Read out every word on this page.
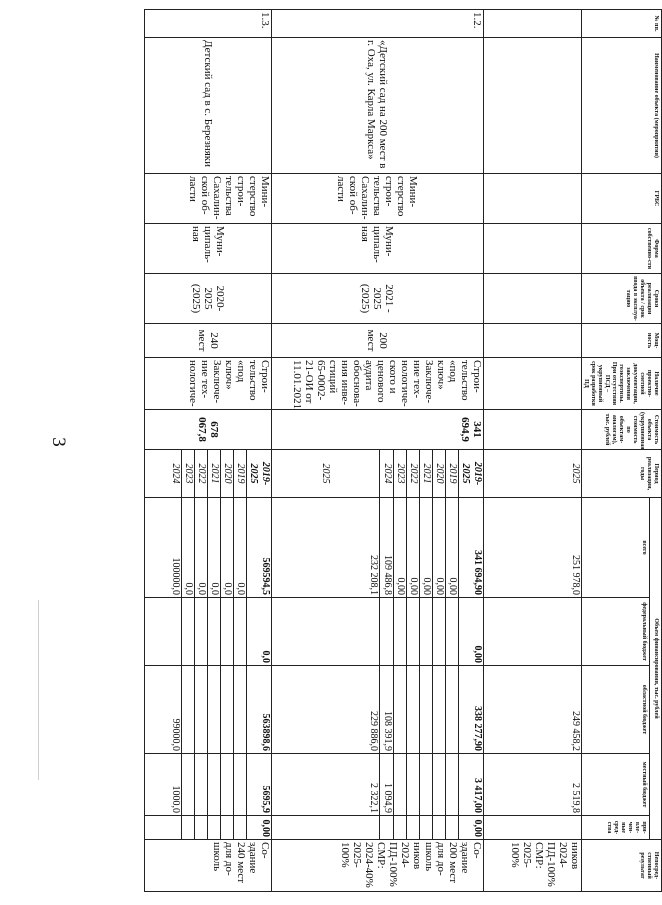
3
№ пп.	Наименование объекта (мероприятия)	ГРБС	Форма собственно-сти	Сроки реализации объекта / срок ввода в эксплуа-тацию	Мощ-ность	Наличие проектно-сметной документации, заключения гоэкспертизы. При отсутствии ПСД – укрупненный срок разработки ПД	Стоимость объекта (укрупненная стоимость по объектам-аналогам), тыс. рублей	Период реализации, годы	Объем финансирования, тыс. рублей					Непосред-ственный результат
									всего	федеральный бюджет	областной бюджет	местный бюджет	при-вле-чен-ные сред-ства	
								2025	251 978,0		249 458,2	2 519,8		ников 2024-ПД-100% СМР: 2025-100%
1.2.	«Детский сад на 200 мест в г. Оха, ул. Карла Маркса»	Мини-стерство строи-тельства Сахалин-ской об-ласти	Муни-ципаль-ная	2021 - 2025 (2025)	200 мест	Строи-тельство «под ключ» Заключе-ние тех-нологиче-ского и ценового аудита обоснова-ния инве-стиций 65-0002-21-ОИ от 11.01.2021	341 694,9	2019-2025	341 694,90	0,00	338 277,90	3 417,00	0,00	Со-здание 200 мест для до-школь ников 2024-ПД-100% СМР: 2024-40% 2025-100%
								2019	0,00					
								2020	0,00					
								2021	0,00					
								2022	0,00					
								2023	0,00					
								2024	109 486,8		108 391,9	1 094,9		
								2025	232 208,1		229 886,0	2 322,1		
1.3.	Детский сад в с. Березняки	Мини-стерство строи-тельства Сахалин-ской об-ласти	Муни-ципаль-ная	2020-2025 (2025)	240 мест	Строи-тельство «под ключ» Заключе-ние тех-нологиче-	678 067,8	2019-2025	569594,5	0,0	563898,6	5695,9	0,00	Со-здание 240 мест для до-школь
								2019	0,0					
								2020	0,0					
								2021	0,0					
								2022	0,0					
								2023	0,0					
								2024	100000,0		99000,0	1000,0		
